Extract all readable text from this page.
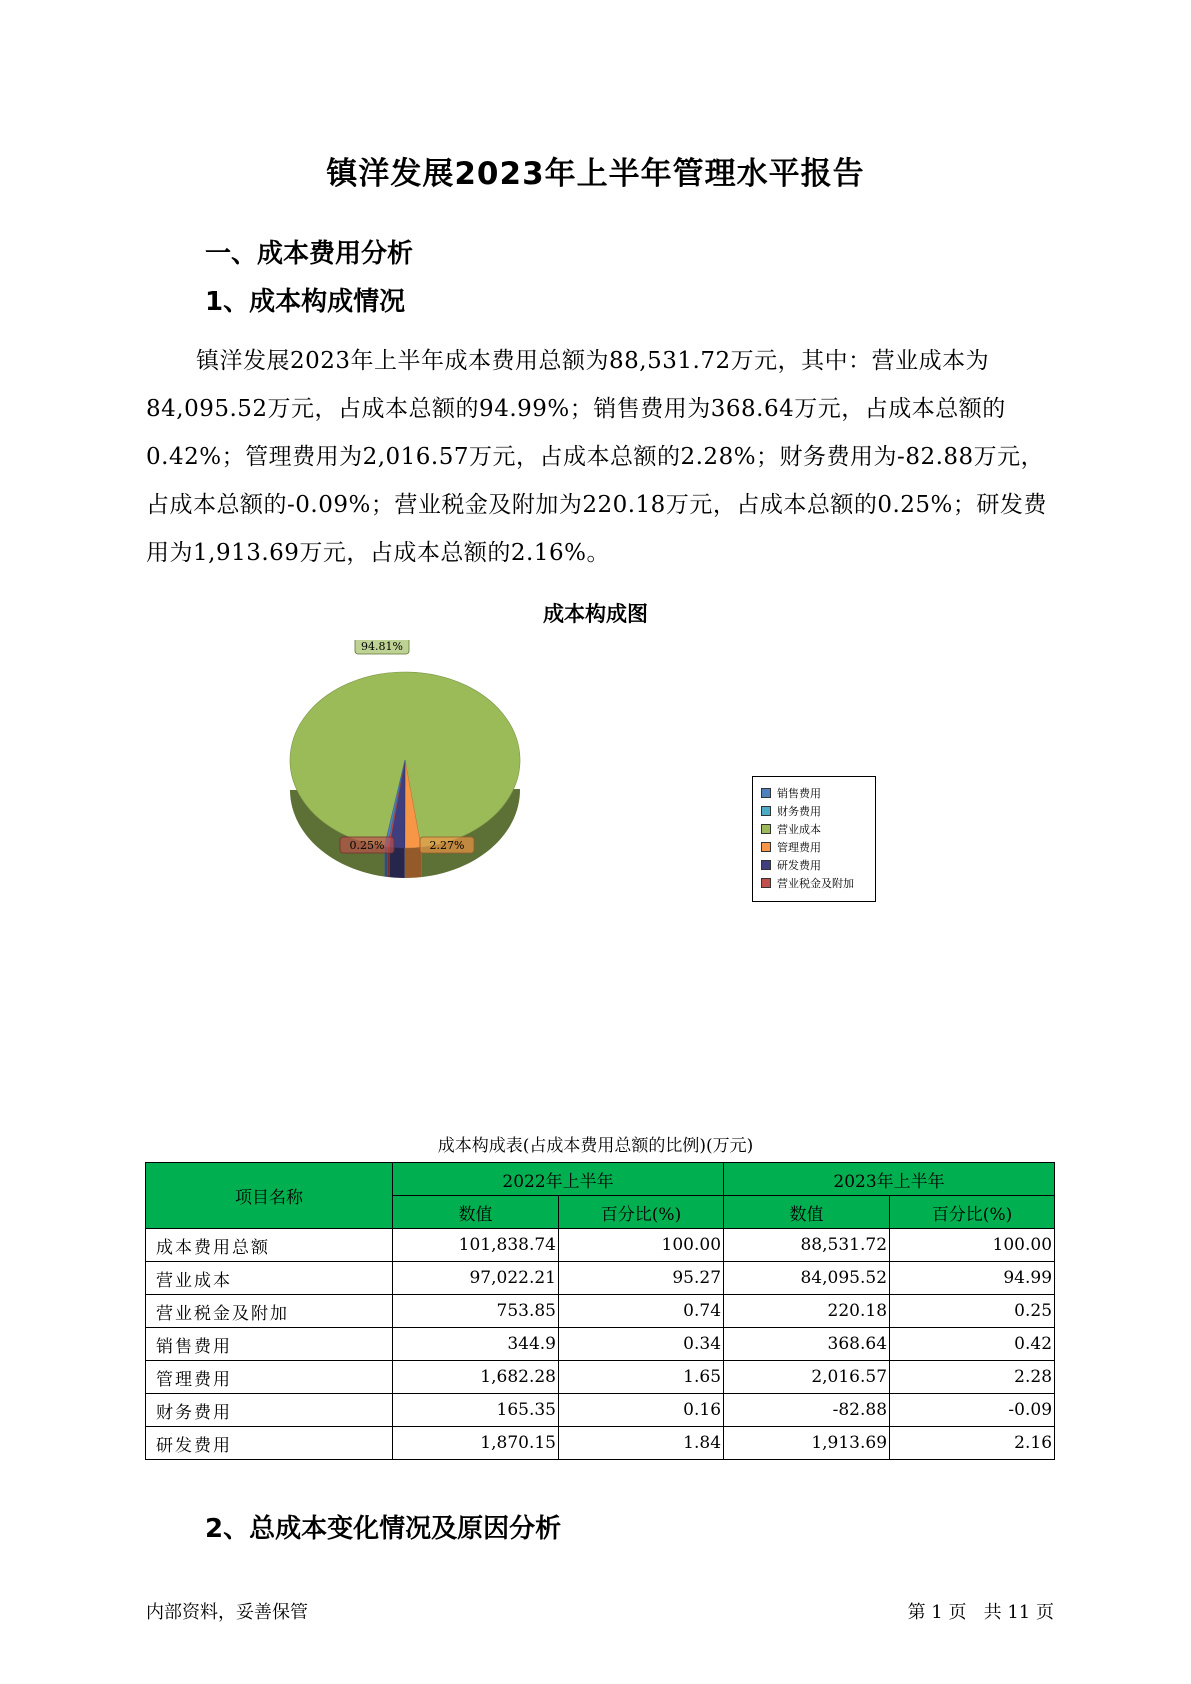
镇洋发展2023年上半年管理水平报告
一、成本费用分析
1、成本构成情况
镇洋发展2023年上半年成本费用总额为88,531.72万元，其中：营业成本为84,095.52万元，占成本总额的94.99%；销售费用为368.64万元，占成本总额的0.42%；管理费用为2,016.57万元，占成本总额的2.28%；财务费用为-82.88万元，占成本总额的-0.09%；营业税金及附加为220.18万元，占成本总额的0.25%；研发费用为1,913.69万元，占成本总额的2.16%。
成本构成图
94.81%
0.25%	2.27%
销售费用
财务费用
营业成本
管理费用
研发费用
营业税金及附加
成本构成表(占成本费用总额的比例)(万元)
项目名称	2022年上半年		2023年上半年	
	数值	百分比(%)	数值	百分比(%)
成本费用总额	101,838.74	100.00	88,531.72	100.00
营业成本	97,022.21	95.27	84,095.52	94.99
营业税金及附加	753.85	0.74	220.18	0.25
销售费用	344.9	0.34	368.64	0.42
管理费用	1,682.28	1.65	2,016.57	2.28
财务费用	165.35	0.16	-82.88	-0.09
研发费用	1,870.15	1.84	1,913.69	2.16
2、总成本变化情况及原因分析
内部资料，妥善保管	第 1 页   共 11 页
